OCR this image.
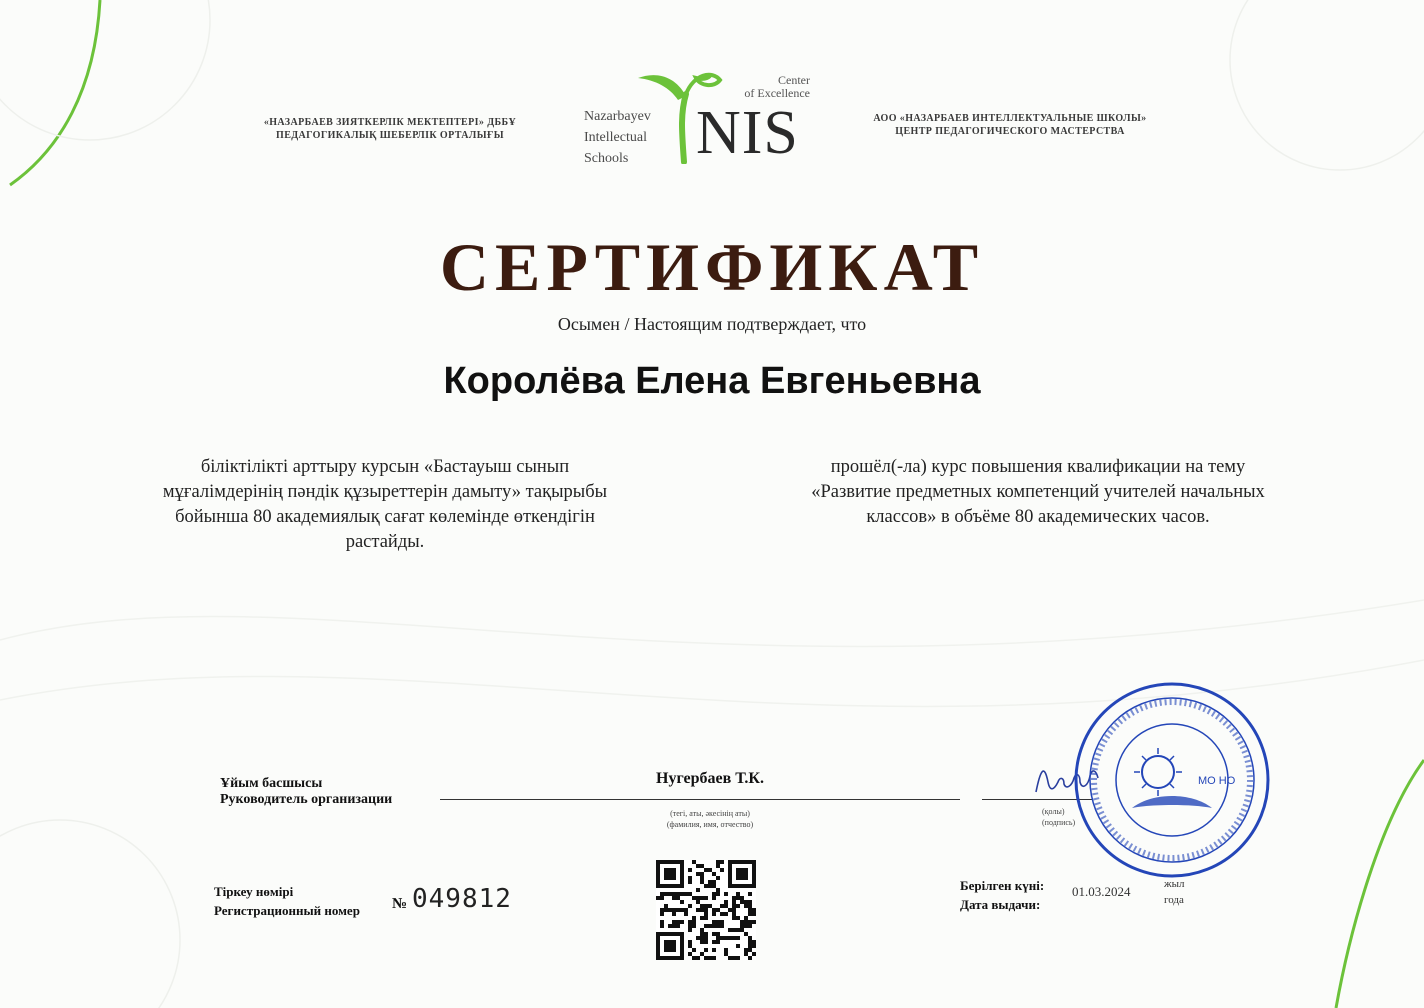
«НАЗАРБАЕВ ЗИЯТКЕРЛІК МЕКТЕПТЕРІ» ДББҰ
ПЕДАГОГИКАЛЫҚ ШЕБЕРЛІК ОРТАЛЫҒЫ
АОО «НАЗАРБАЕВ ИНТЕЛЛЕКТУАЛЬНЫЕ ШКОЛЫ»
ЦЕНТР ПЕДАГОГИЧЕСКОГО МАСТЕРСТВА
Nazarbayev
Intellectual
Schools	NIS
Center
of Excellence
СЕРТИФИКАТ
Осымен / Настоящим подтверждает, что
Королёва Елена Евгеньевна
біліктілікті арттыру курсын «Бастауыш сынып мұғалімдерінің пәндік құзыреттерін дамыту» тақырыбы бойынша 80 академиялық сағат көлемінде өткендігін растайды.
прошёл(-ла) курс повышения квалификации на тему «Развитие предметных компетенций учителей начальных классов» в объёме 80 академических часов.
Ұйым басшысы
Руководитель организации
Нугербаев Т.К.
(тегі, аты, әкесінің аты)
(фамилия, имя, отчество)
(қолы)
(подпись)
МО НО
Тіркеу нөмірі
Регистрационный номер № 049812	Берілген күні:
Дата выдачи:
01.03.2024	жыл
года
